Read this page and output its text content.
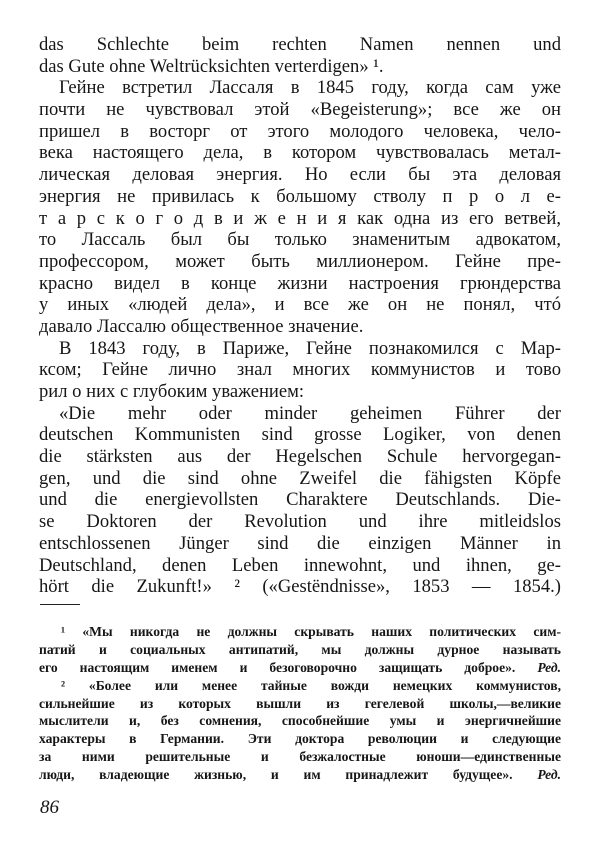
das Schlechte beim rechten Namen nennen und
das Gute ohne Weltrücksichten verterdigen» ¹.
Гейне встретил Лассаля в 1845 году, когда сам уже
почти не чувствовал этой «Begeisterung»; все же он
пришел в восторг от этого молодого человека, чело-
века настоящего дела, в котором чувствовалась метал-
лическая деловая энергия. Но если бы эта деловая
энергия не привилась к большому стволу п р о л е-
т а р с к о г о д в и ж е н и я как одна из его ветвей,
то Лассаль был бы только знаменитым адвокатом,
профессором, может быть миллионером. Гейне пре-
красно видел в конце жизни настроения грюндерства
у иных «людей дела», и все же он не понял, чтó
давало Лассалю общественное значение.
В 1843 году, в Париже, Гейне познакомился с Мар-
ксом; Гейне лично знал многих коммунистов и тово
рил о них с глубоким уважением:
«Die mehr oder minder geheimen Führer der
deutschen Kommunisten sind grosse Logiker, von denen
die stärksten aus der Hegelschen Schule hervorgegan-
gen, und die sind ohne Zweifel die fähigsten Köpfe
und die energievollsten Charaktere Deutschlands. Die-
se Doktoren der Revolution und ihre mitleidslos
entschlossenen Jünger sind die einzigen Männer in
Deutschland, denen Leben innewohnt, und ihnen, ge-
hört die Zukunft!» ² («Gestëndnisse», 1853 — 1854.)
¹ «Мы никогда не должны скрывать наших политических сим-
патий и социальных антипатий, мы должны дурное называть
его настоящим именем и безоговорочно защищать доброе». Ред.
² «Более или менее тайные вожди немецких коммунистов,
сильнейшие из которых вышли из гегелевой школы,—великие
мыслители и, без сомнения, способнейшие умы и энергичнейшие
характеры в Германии. Эти доктора революции и следующие
за ними решительные и безжалостные юноши—единственные
люди, владеющие жизнью, и им принадлежит будущее». Ред.
86
